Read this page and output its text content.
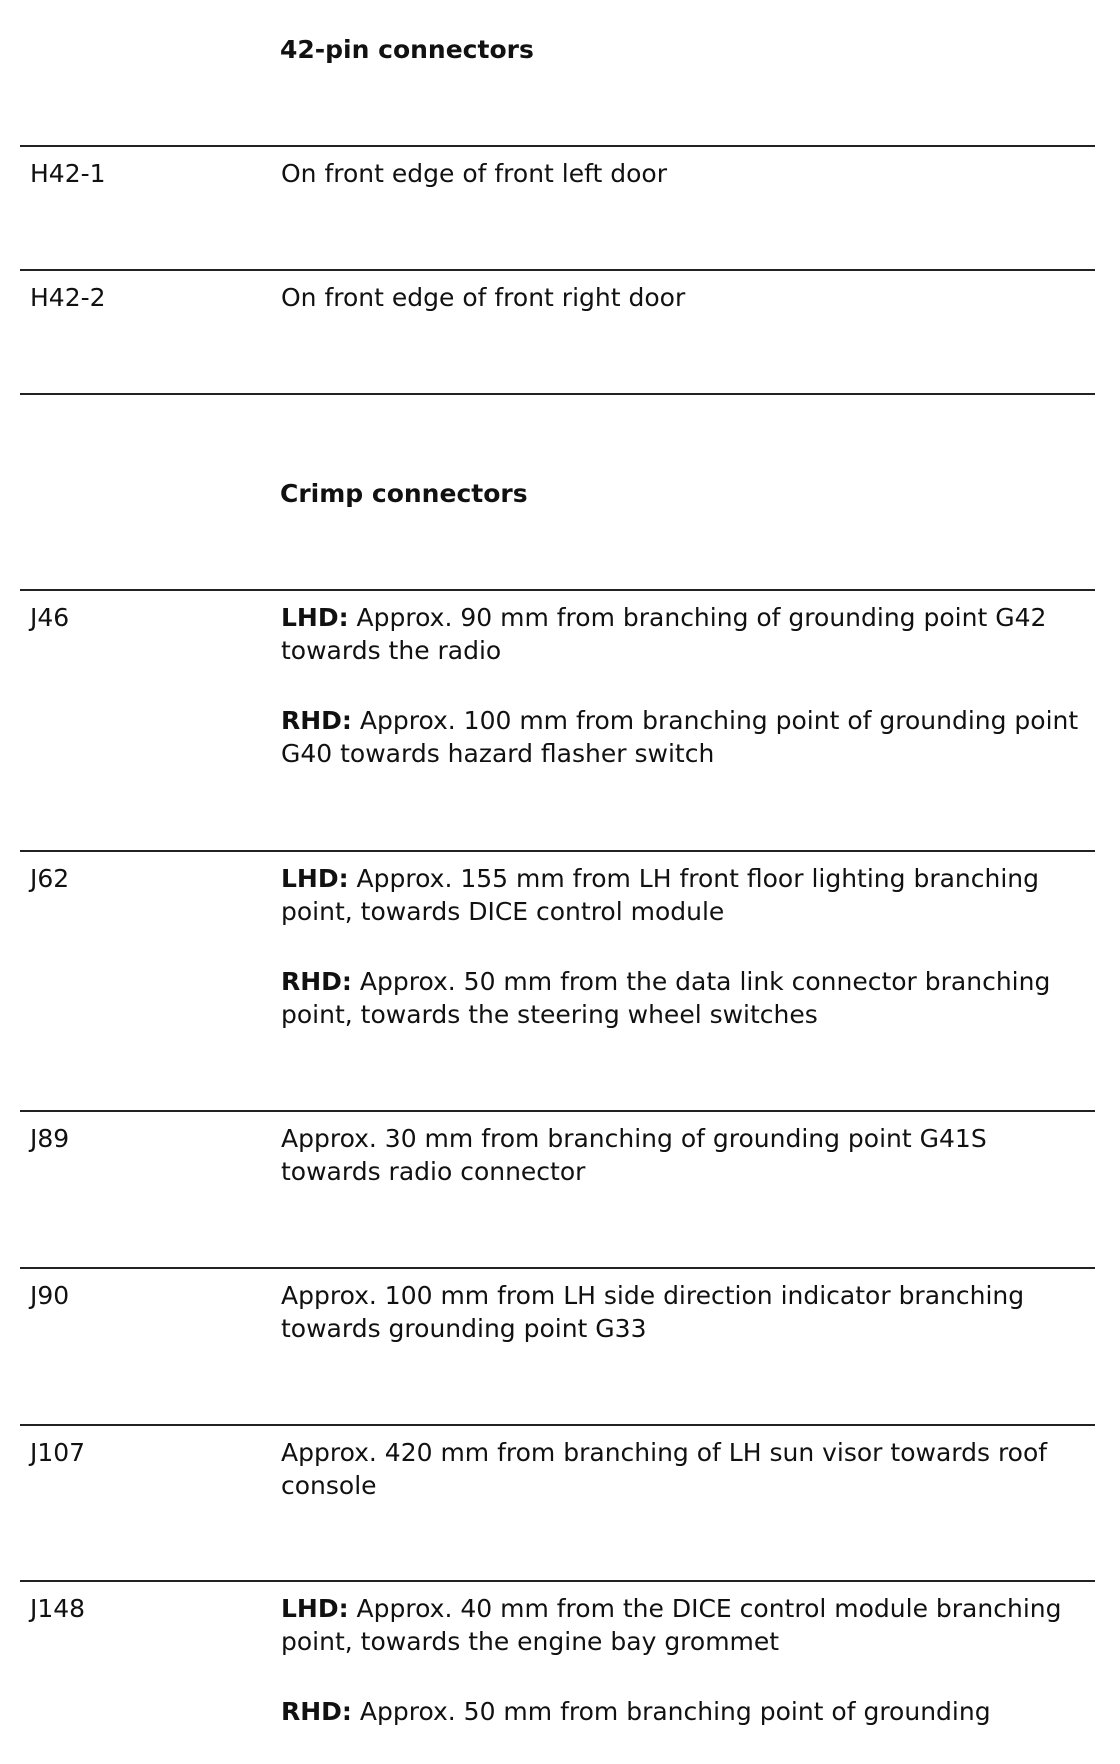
42-pin connectors
H42-1	On front edge of front left door

H42-2	On front edge of front right door

Crimp connectors
J46	LHD: Approx. 90 mm from branching of grounding point G42 towards the radio

RHD: Approx. 100 mm from branching point of grounding point G40 towards hazard flasher switch

J62	LHD: Approx. 155 mm from LH front floor lighting branching point, towards DICE control module

RHD: Approx. 50 mm from the data link connector branching point, towards the steering wheel switches

J89	Approx. 30 mm from branching of grounding point G41S towards radio connector

J90	Approx. 100 mm from LH side direction indicator branching towards grounding point G33

J107	Approx. 420 mm from branching of LH sun visor towards roof console

J148	LHD: Approx. 40 mm from the DICE control module branching point, towards the engine bay grommet

RHD: Approx. 50 mm from branching point of grounding
